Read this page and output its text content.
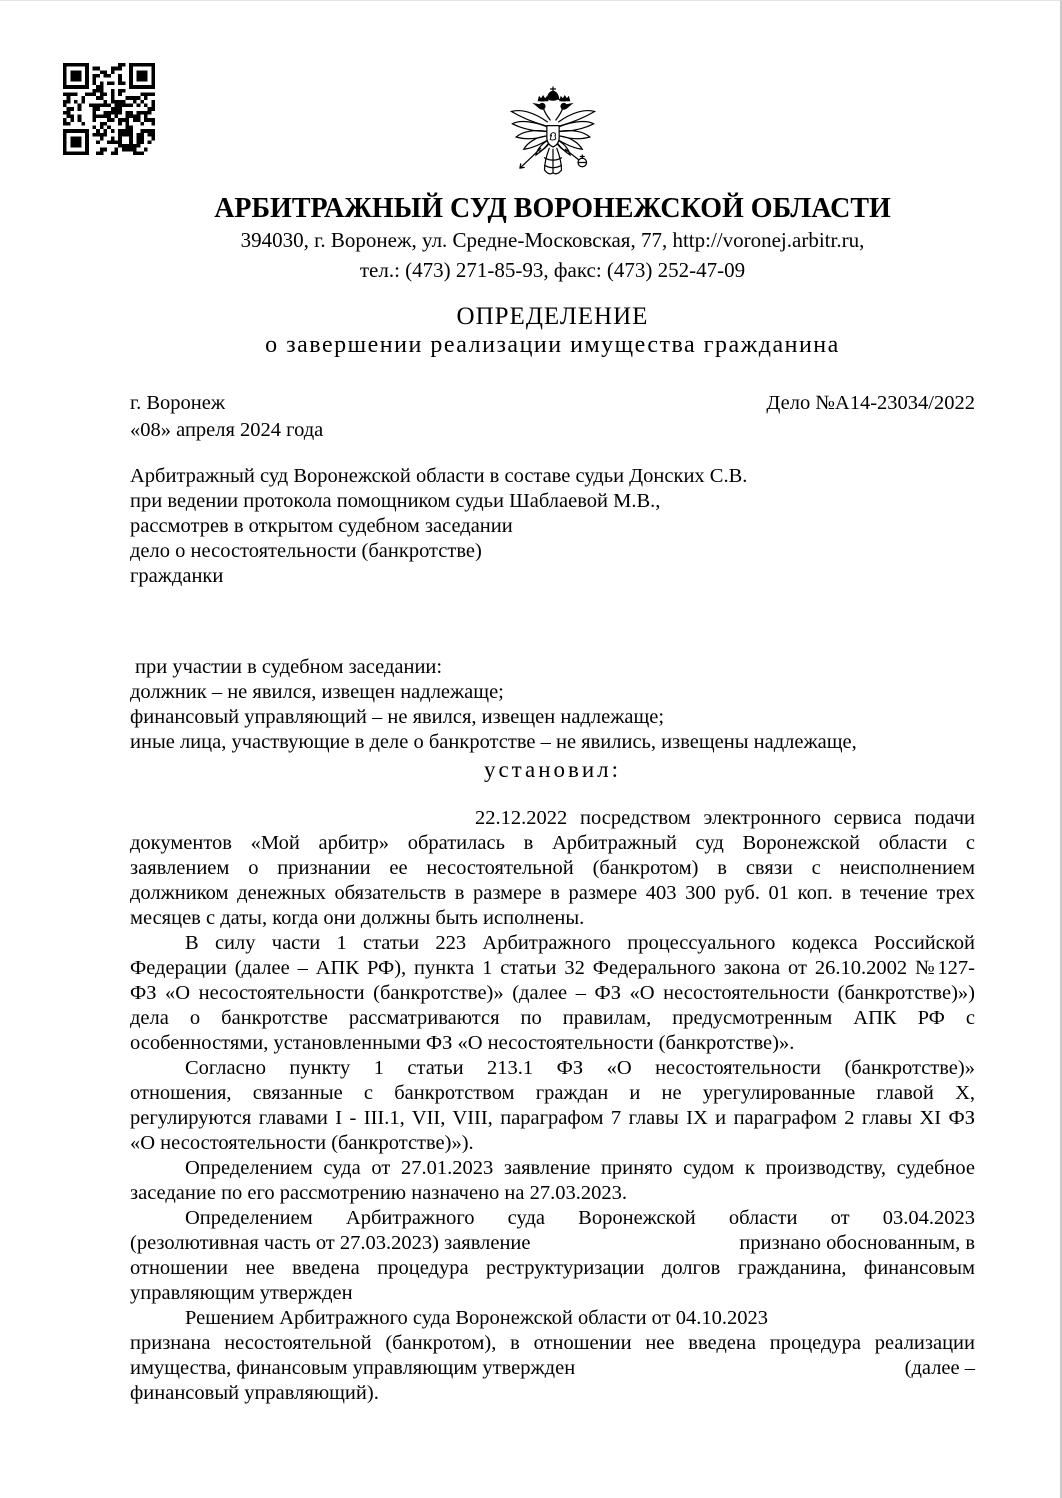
АРБИТРАЖНЫЙ СУД ВОРОНЕЖСКОЙ ОБЛАСТИ
394030, г. Воронеж, ул. Средне-Московская, 77, http://voronej.arbitr.ru,
тел.: (473) 271-85-93, факс: (473) 252-47-09
ОПРЕДЕЛЕНИЕ
о завершении реализации имущества гражданина
г. Воронеж	Дело №А14-23034/2022
«08» апреля 2024 года
Арбитражный суд Воронежской области в составе судьи Донских С.В.
при ведении протокола помощником судьи Шаблаевой М.В.,
рассмотрев в открытом судебном заседании
дело о несостоятельности (банкротстве)
гражданки
при участии в судебном заседании:
должник – не явился, извещен надлежаще;
финансовый управляющий – не явился, извещен надлежаще;
иные лица, участвующие в деле о банкротстве – не явились, извещены надлежаще,
установил:
22.12.2022 посредством электронного сервиса подачи
документов «Мой арбитр» обратилась в Арбитражный суд Воронежской области с
заявлением о признании ее несостоятельной (банкротом) в связи с неисполнением
должником денежных обязательств в размере в размере 403 300 руб. 01 коп. в течение трех
месяцев с даты, когда они должны быть исполнены.
В силу части 1 статьи 223 Арбитражного процессуального кодекса Российской
Федерации (далее – АПК РФ), пункта 1 статьи 32 Федерального закона от 26.10.2002 №127-
ФЗ «О несостоятельности (банкротстве)» (далее – ФЗ «О несостоятельности (банкротстве)»)
дела о банкротстве рассматриваются по правилам, предусмотренным АПК РФ с
особенностями, установленными ФЗ «О несостоятельности (банкротстве)».
Согласно пункту 1 статьи 213.1 ФЗ «О несостоятельности (банкротстве)»
отношения, связанные с банкротством граждан и не урегулированные главой X,
регулируются главами I - III.1, VII, VIII, параграфом 7 главы IX и параграфом 2 главы XI ФЗ
«О несостоятельности (банкротстве)»).
Определением суда от 27.01.2023 заявление принято судом к производству, судебное
заседание по его рассмотрению назначено на 27.03.2023.
Определением Арбитражного суда Воронежской области от 03.04.2023
(резолютивная часть от 27.03.2023) заявление	признано обоснованным, в
отношении нее введена процедура реструктуризации долгов гражданина, финансовым
управляющим утвержден
Решением Арбитражного суда Воронежской области от 04.10.2023
признана несостоятельной (банкротом), в отношении нее введена процедура реализации
имущества, финансовым управляющим утвержден	(далее –
финансовый управляющий).
